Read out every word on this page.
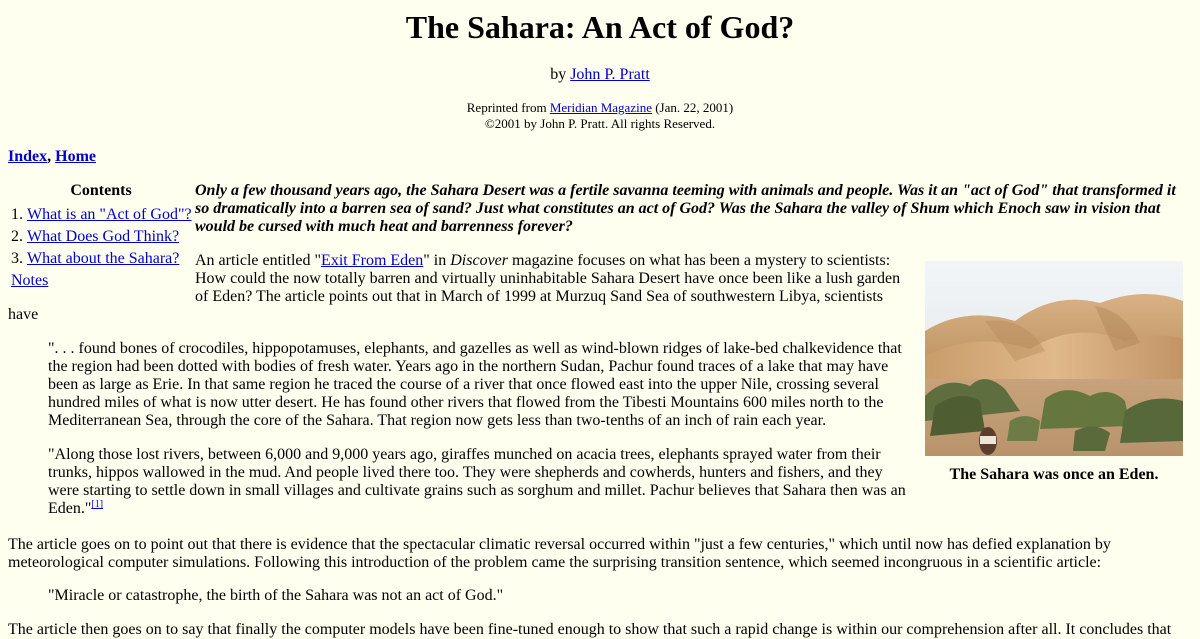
The Sahara: An Act of God?
by John P. Pratt
Reprinted from Meridian Magazine (Jan. 22, 2001)
©2001 by John P. Pratt. All rights Reserved.
Index, Home
Contents
1. What is an "Act of God"?
2. What Does God Think?
3. What about the Sahara?
Notes

Only a few thousand years ago, the Sahara Desert was a fertile savanna teeming with animals and people. Was it an "act of God" that transformed it so dramatically into a barren sea of sand? Just what constitutes an act of God? Was the Sahara the valley of Shum which Enoch saw in vision that would be cursed with much heat and barrenness forever?

An article entitled "Exit From Eden" in Discover magazine focuses on what has been a mystery to scientists: How could the now totally barren and virtually uninhabitable Sahara Desert have once been like a lush garden of Eden? The article points out that in March of 1999 at Murzuq Sand Sea of southwestern Libya, scientists

have

". . . found bones of crocodiles, hippopotamuses, elephants, and gazelles as well as wind-blown ridges of lake-bed chalkevidence that the region had been dotted with bodies of fresh water. Years ago in the northern Sudan, Pachur found traces of a lake that may have been as large as Erie. In that same region he traced the course of a river that once flowed east into the upper Nile, crossing several hundred miles of what is now utter desert. He has found other rivers that flowed from the Tibesti Mountains 600 miles north to the Mediterranean Sea, through the core of the Sahara. That region now gets less than two-tenths of an inch of rain each year.

"Along those lost rivers, between 6,000 and 9,000 years ago, giraffes munched on acacia trees, elephants sprayed water from their trunks, hippos wallowed in the mud. And people lived there too. They were shepherds and cowherds, hunters and fishers, and they were starting to settle down in small villages and cultivate grains such as sorghum and millet. Pachur believes that Sahara then was an Eden."[1]

The article goes on to point out that there is evidence that the spectacular climatic reversal occurred within "just a few centuries," which until now has defied explanation by meteorological computer simulations. Following this introduction of the problem came the surprising transition sentence, which seemed incongruous in a scientific article:

"Miracle or catastrophe, the birth of the Sahara was not an act of God."

The article then goes on to say that finally the computer models have been fine-tuned enough to show that such a rapid change is within our comprehension after all. It concludes that

The Sahara was once an Eden.
